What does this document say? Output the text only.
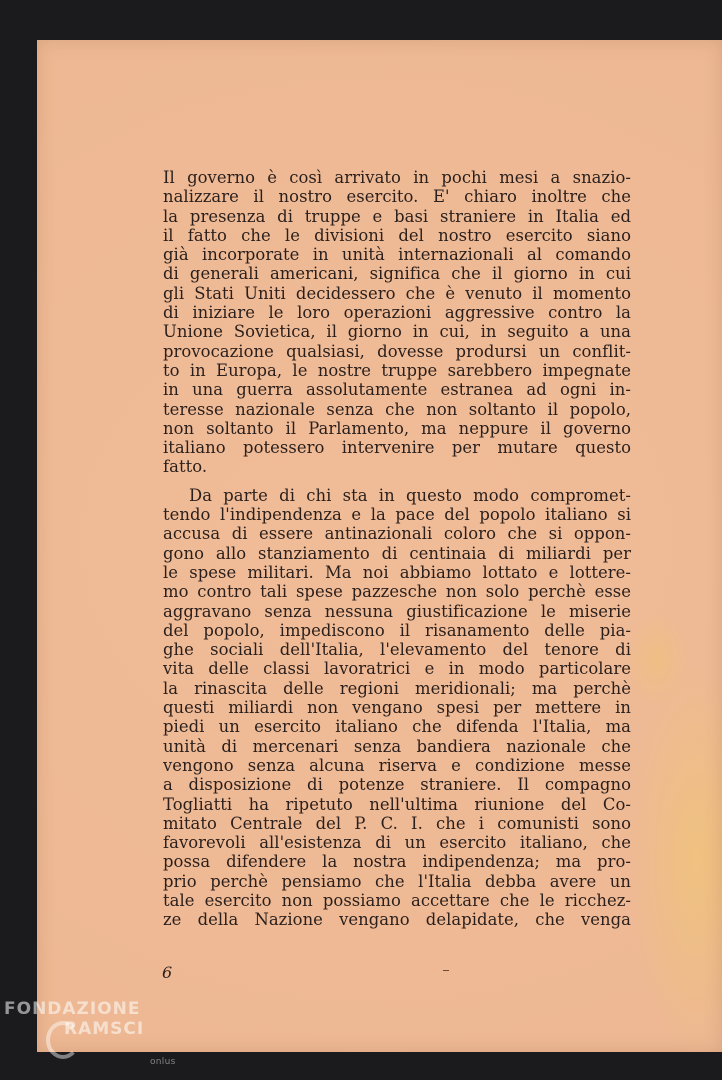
Il governo è così arrivato in pochi mesi a snazio-
nalizzare il nostro esercito. E' chiaro inoltre che
la presenza di truppe e basi straniere in Italia ed
il fatto che le divisioni del nostro esercito siano
già incorporate in unità internazionali al comando
di generali americani, significa che il giorno in cui
gli Stati Uniti decidessero che è venuto il momento
di iniziare le loro operazioni aggressive contro la
Unione Sovietica, il giorno in cui, in seguito a una
provocazione qualsiasi, dovesse prodursi un conflit-
to in Europa, le nostre truppe sarebbero impegnate
in una guerra assolutamente estranea ad ogni in-
teresse nazionale senza che non soltanto il popolo,
non soltanto il Parlamento, ma neppure il governo
italiano potessero intervenire per mutare questo
fatto.
Da parte di chi sta in questo modo compromet-
tendo l'indipendenza e la pace del popolo italiano si
accusa di essere antinazionali coloro che si oppon-
gono allo stanziamento di centinaia di miliardi per
le spese militari. Ma noi abbiamo lottato e lottere-
mo contro tali spese pazzesche non solo perchè esse
aggravano senza nessuna giustificazione le miserie
del popolo, impediscono il risanamento delle pia-
ghe sociali dell'Italia, l'elevamento del tenore di
vita delle classi lavoratrici e in modo particolare
la rinascita delle regioni meridionali; ma perchè
questi miliardi non vengano spesi per mettere in
piedi un esercito italiano che difenda l'Italia, ma
unità di mercenari senza bandiera nazionale che
vengono senza alcuna riserva e condizione messe
a disposizione di potenze straniere. Il compagno
Togliatti ha ripetuto nell'ultima riunione del Co-
mitato Centrale del P. C. I. che i comunisti sono
favorevoli all'esistenza di un esercito italiano, che
possa difendere la nostra indipendenza; ma pro-
prio perchè pensiamo che l'Italia debba avere un
tale esercito non possiamo accettare che le ricchez-
ze della Nazione vengano delapidate, che venga
6
FONDAZIONE
RAMSCI
onlus
